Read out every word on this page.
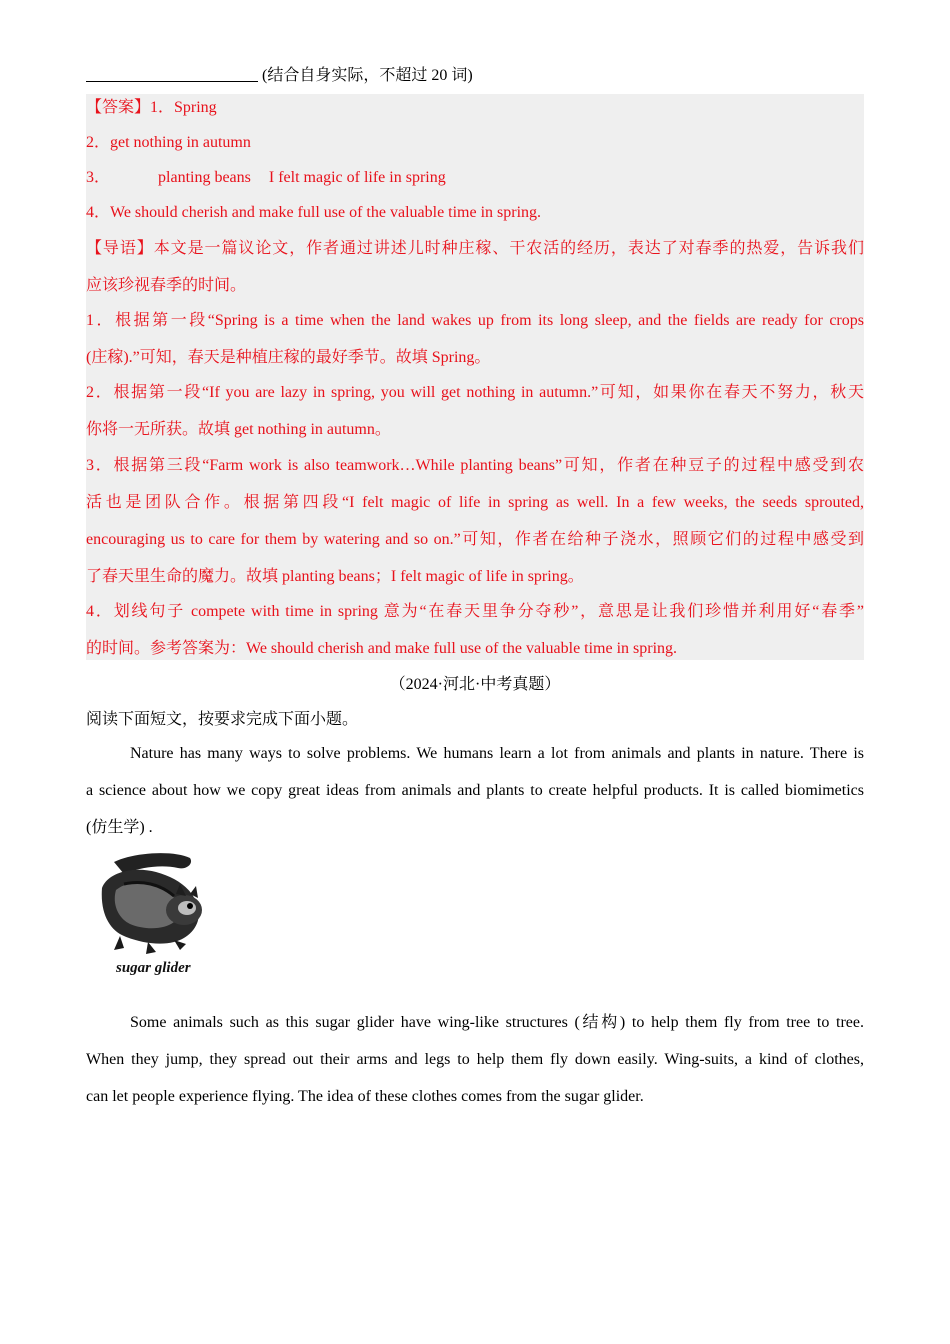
(结合自身实际，不超过 20 词)
【答案】1．Spring
2．get nothing in autumn
3．	planting beans I felt magic of life in spring
4．We should cherish and make full use of the valuable time in spring.
【导语】本文是一篇议论文，作者通过讲述儿时种庄稼、干农活的经历，表达了对春季的热爱，告诉我们
应该珍视春季的时间。
1．根据第一段“Spring is a time when the land wakes up from its long sleep, and the fields are ready for crops
(庄稼).”可知，春天是种植庄稼的最好季节。故填 Spring。
2．根据第一段“If you are lazy in spring, you will get nothing in autumn.”可知，如果你在春天不努力，秋天
你将一无所获。故填 get nothing in autumn。
3．根据第三段“Farm work is also teamwork…While planting beans”可知，作者在种豆子的过程中感受到农
活也是团队合作。根据第四段“I felt magic of life in spring as well. In a few weeks, the seeds sprouted,
encouraging us to care for them by watering and so on.”可知，作者在给种子浇水，照顾它们的过程中感受到
了春天里生命的魔力。故填 planting beans；I felt magic of life in spring。
4．划线句子 compete with time in spring 意为“在春天里争分夺秒”，意思是让我们珍惜并利用好“春季”
的时间。参考答案为：We should cherish and make full use of the valuable time in spring.
（2024·河北·中考真题）
阅读下面短文，按要求完成下面小题。
Nature has many ways to solve problems. We humans learn a lot from animals and plants in nature. There is
a science about how we copy great ideas from animals and plants to create helpful products. It is called biomimetics
(仿生学) .
sugar glider
Some animals such as this sugar glider have wing-like structures (结构) to help them fly from tree to tree.
When they jump, they spread out their arms and legs to help them fly down easily. Wing-suits, a kind of clothes,
can let people experience flying. The idea of these clothes comes from the sugar glider.
